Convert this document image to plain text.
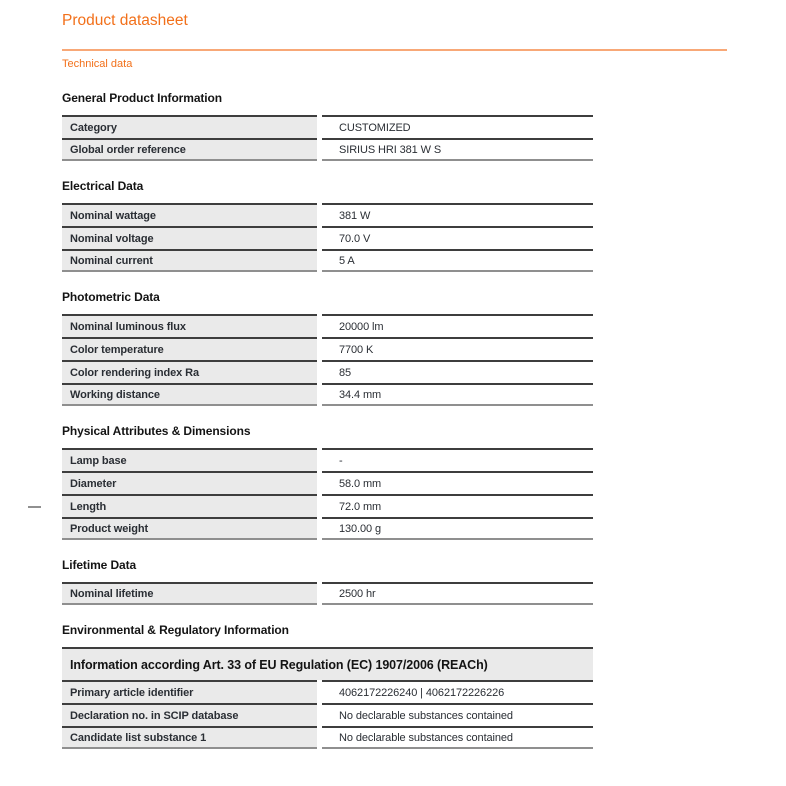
Product datasheet
Technical data
General Product Information
Category	CUSTOMIZED
Global order reference	SIRIUS HRI 381 W S
Electrical Data
Nominal wattage	381 W
Nominal voltage	70.0 V
Nominal current	5 A
Photometric Data
Nominal luminous flux	20000 lm
Color temperature	7700 K
Color rendering index Ra	85
Working distance	34.4 mm
Physical Attributes & Dimensions
Lamp base	-
Diameter	58.0 mm
Length	72.0 mm
Product weight	130.00 g
Lifetime Data
Nominal lifetime	2500 hr
Environmental & Regulatory Information
Information according Art. 33 of EU Regulation (EC) 1907/2006 (REACh)
Primary article identifier	4062172226240 | 4062172226226
Declaration no. in SCIP database	No declarable substances contained
Candidate list substance 1	No declarable substances contained
